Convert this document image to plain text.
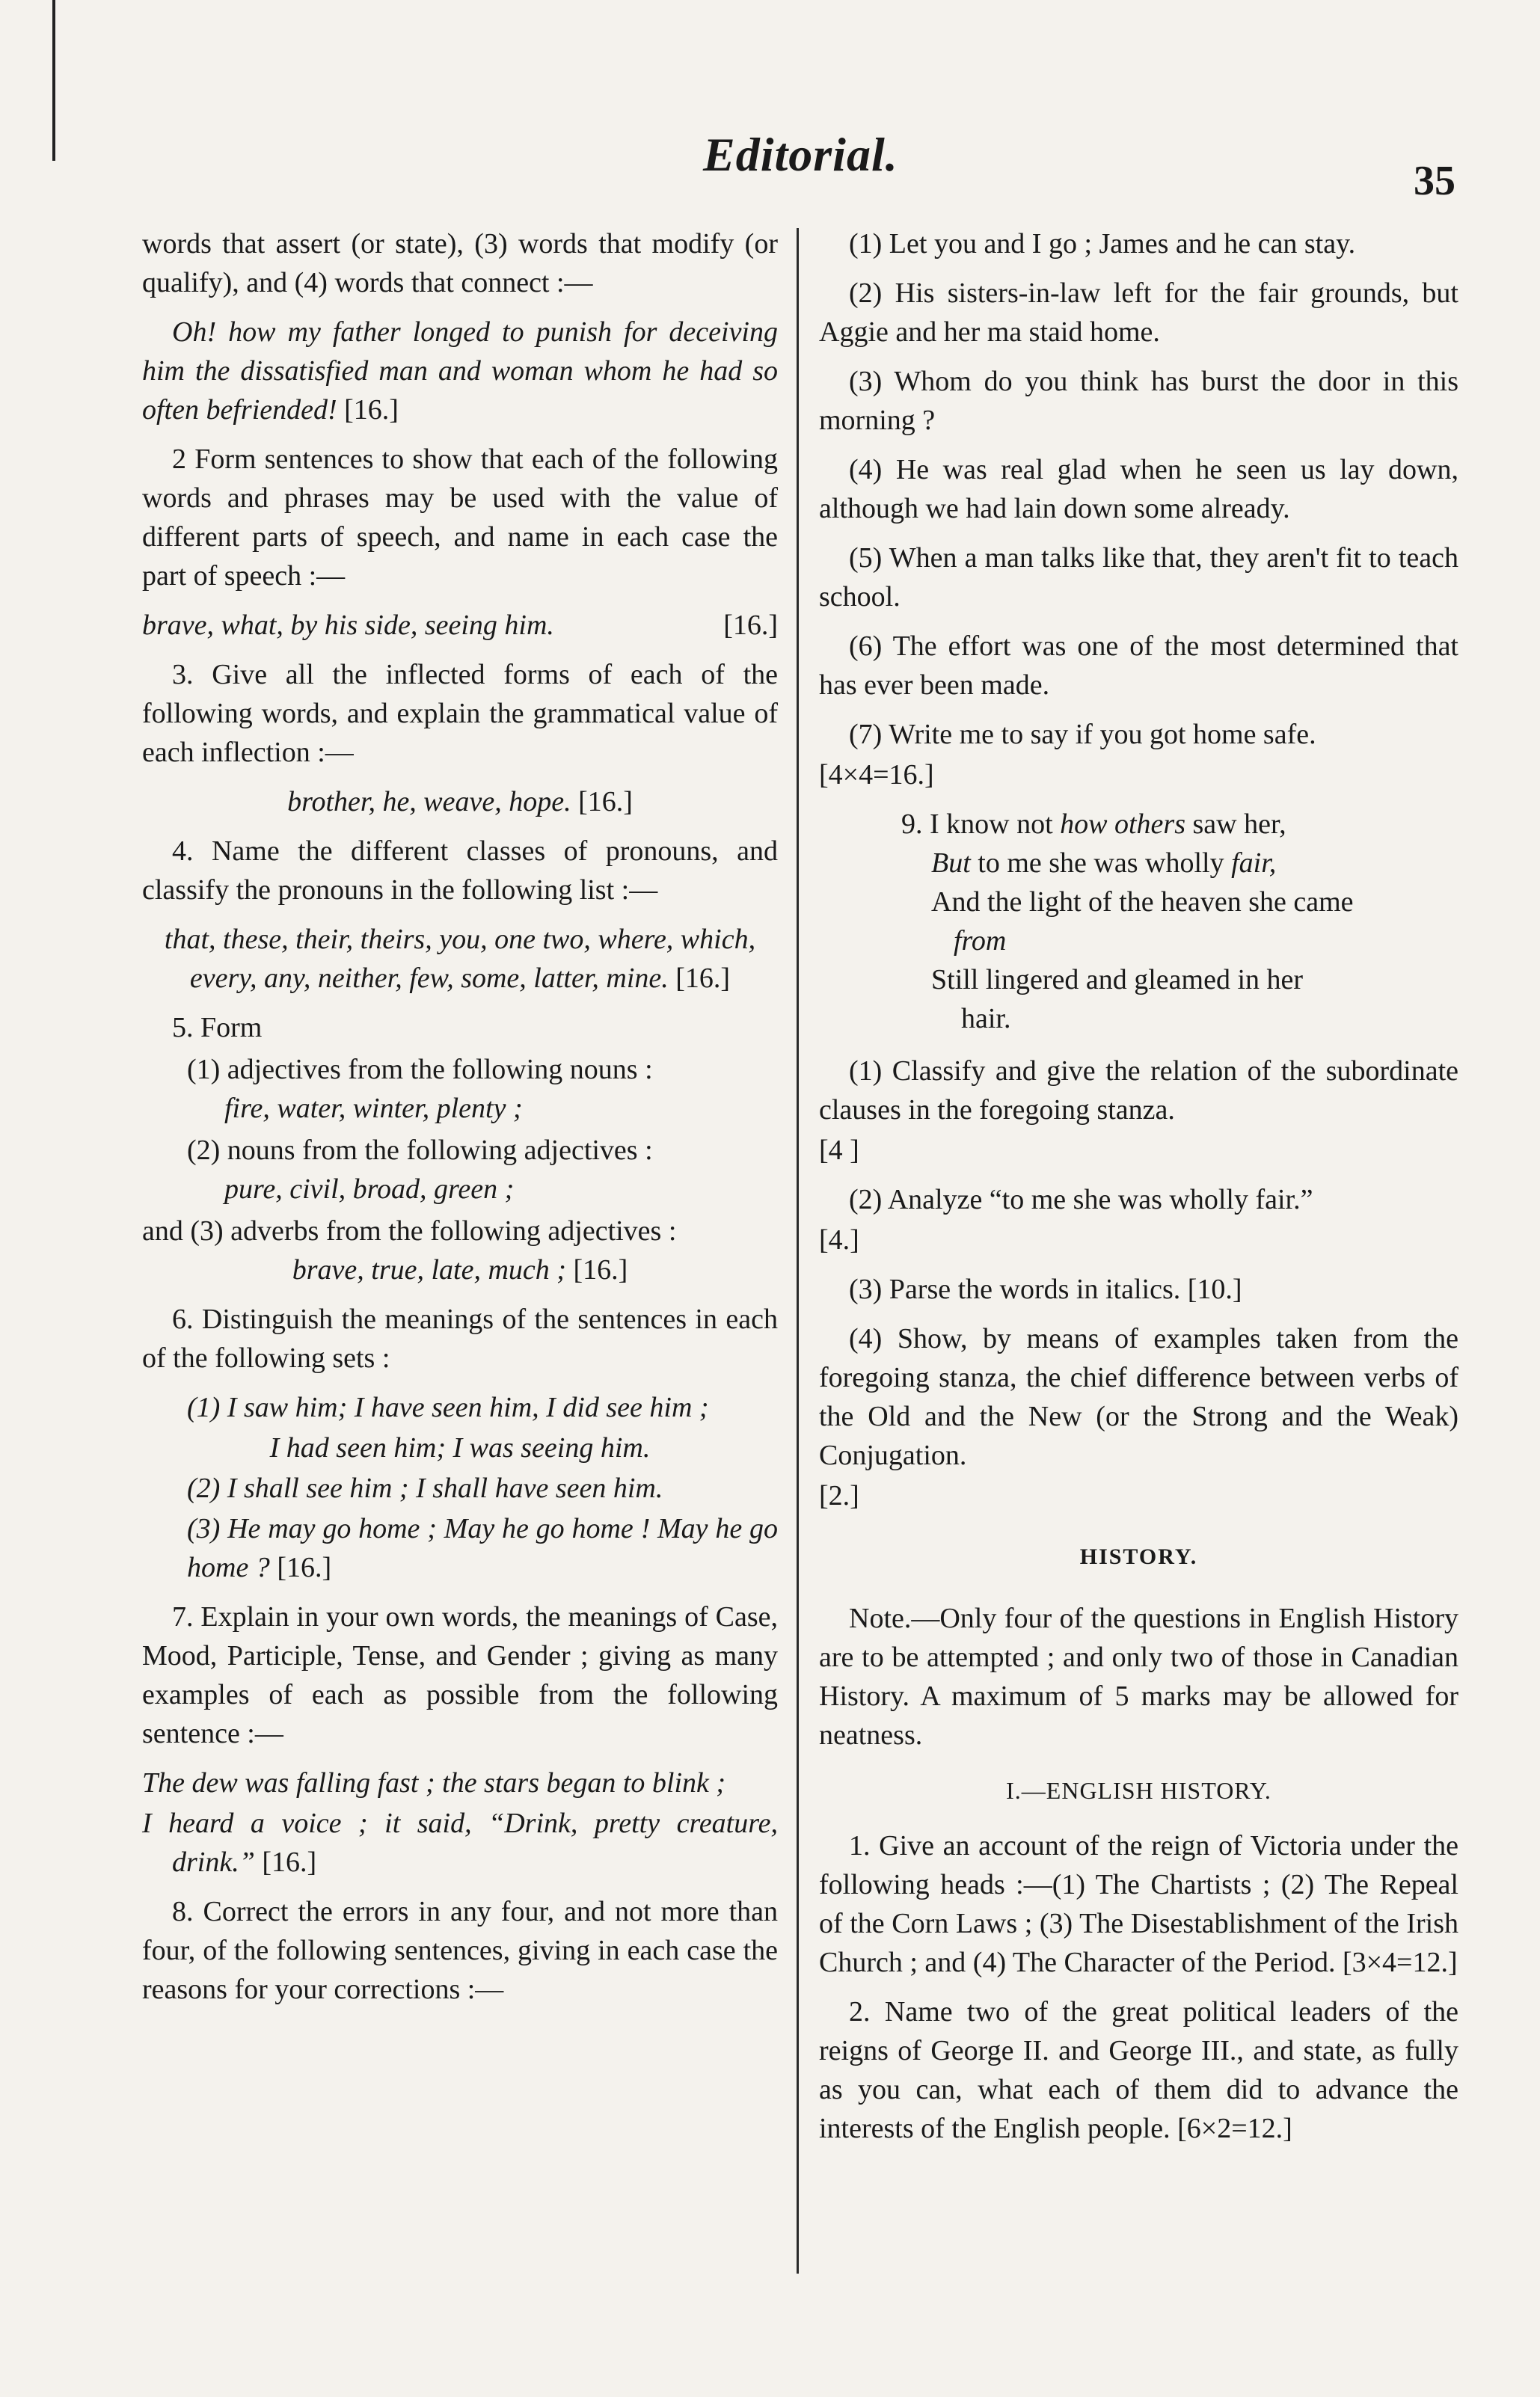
Editorial.	35

words that assert (or state), (3) words that modify (or qualify), and (4) words that connect :—

Oh! how my father longed to punish for deceiving him the dissatisfied man and woman whom he had so often befriended! [16.]

2 Form sentences to show that each of the following words and phrases may be used with the value of different parts of speech, and name in each case the part of speech :—

brave, what, by his side, seeing him.	[16.]

3. Give all the inflected forms of each of the following words, and explain the grammatical value of each inflection :—

brother, he, weave, hope. [16.]

4. Name the different classes of pronouns, and classify the pronouns in the following list :—

that, these, their, theirs, you, one two, where, which, every, any, neither, few, some, latter, mine. [16.]

5. Form

(1) adjectives from the following nouns :

fire, water, winter, plenty ;

(2) nouns from the following adjectives :

pure, civil, broad, green ;

and (3) adverbs from the following adjectives :

brave, true, late, much ; [16.]

6. Distinguish the meanings of the sentences in each of the following sets :

(1) I saw him; I have seen him, I did see him ;

I had seen him; I was seeing him.

(2) I shall see him ; I shall have seen him.

(3) He may go home ; May he go home ! May he go home ? [16.]

7. Explain in your own words, the meanings of Case, Mood, Participle, Tense, and Gender ; giving as many examples of each as possible from the following sentence :—

The dew was falling fast ; the stars began to blink ;

I heard a voice ; it said, “Drink, pretty creature, drink.” [16.]

8. Correct the errors in any four, and not more than four, of the following sentences, giving in each case the reasons for your corrections :—

(1) Let you and I go ; James and he can stay.

(2) His sisters-in-law left for the fair grounds, but Aggie and her ma staid home.

(3) Whom do you think has burst the door in this morning ?

(4) He was real glad when he seen us lay down, although we had lain down some already.

(5) When a man talks like that, they aren't fit to teach school.

(6) The effort was one of the most determined that has ever been made.

(7) Write me to say if you got home safe.

[4×4=16.]

9. I know not how others saw her,
But to me she was wholly fair,
And the light of the heaven she came
from
Still lingered and gleamed in her
hair.

(1) Classify and give the relation of the subordinate clauses in the foregoing stanza.

[4 ]

(2) Analyze “to me she was wholly fair.”

[4.]

(3) Parse the words in italics. [10.]

(4) Show, by means of examples taken from the foregoing stanza, the chief difference between verbs of the Old and the New (or the Strong and the Weak) Conjugation.

[2.]

HISTORY.

Note.—Only four of the questions in English History are to be attempted ; and only two of those in Canadian History. A maximum of 5 marks may be allowed for neatness.

I.—ENGLISH HISTORY.

1. Give an account of the reign of Victoria under the following heads :—(1) The Chartists ; (2) The Repeal of the Corn Laws ; (3) The Disestablishment of the Irish Church ; and (4) The Character of the Period. [3×4=12.]

2. Name two of the great political leaders of the reigns of George II. and George III., and state, as fully as you can, what each of them did to advance the interests of the English people. [6×2=12.]
